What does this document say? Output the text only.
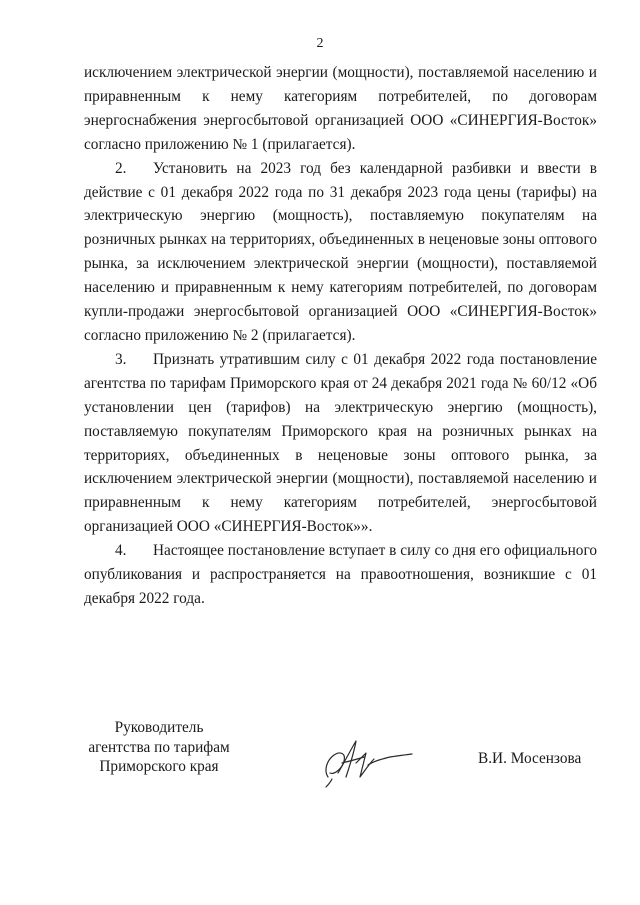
2

исключением электрической энергии (мощности), поставляемой населению и приравненным к нему категориям потребителей, по договорам энергоснабжения энергосбытовой организацией ООО «СИНЕРГИЯ-Восток» согласно приложению № 1 (прилагается).

2. Установить на 2023 год без календарной разбивки и ввести в действие с 01 декабря 2022 года по 31 декабря 2023 года цены (тарифы) на электрическую энергию (мощность), поставляемую покупателям на розничных рынках на территориях, объединенных в неценовые зоны оптового рынка, за исключением электрической энергии (мощности), поставляемой населению и приравненным к нему категориям потребителей, по договорам купли-продажи энергосбытовой организацией ООО «СИНЕРГИЯ-Восток» согласно приложению № 2 (прилагается).

3. Признать утратившим силу с 01 декабря 2022 года постановление агентства по тарифам Приморского края от 24 декабря 2021 года № 60/12 «Об установлении цен (тарифов) на электрическую энергию (мощность), поставляемую покупателям Приморского края на розничных рынках на территориях, объединенных в неценовые зоны оптового рынка, за исключением электрической энергии (мощности), поставляемой населению и приравненным к нему категориям потребителей, энергосбытовой организацией ООО «СИНЕРГИЯ-Восток»».

4. Настоящее постановление вступает в силу со дня его официального опубликования и распространяется на правоотношения, возникшие с 01 декабря 2022 года.

Руководитель
агентства по тарифам
Приморского края	В.И. Мосензова
